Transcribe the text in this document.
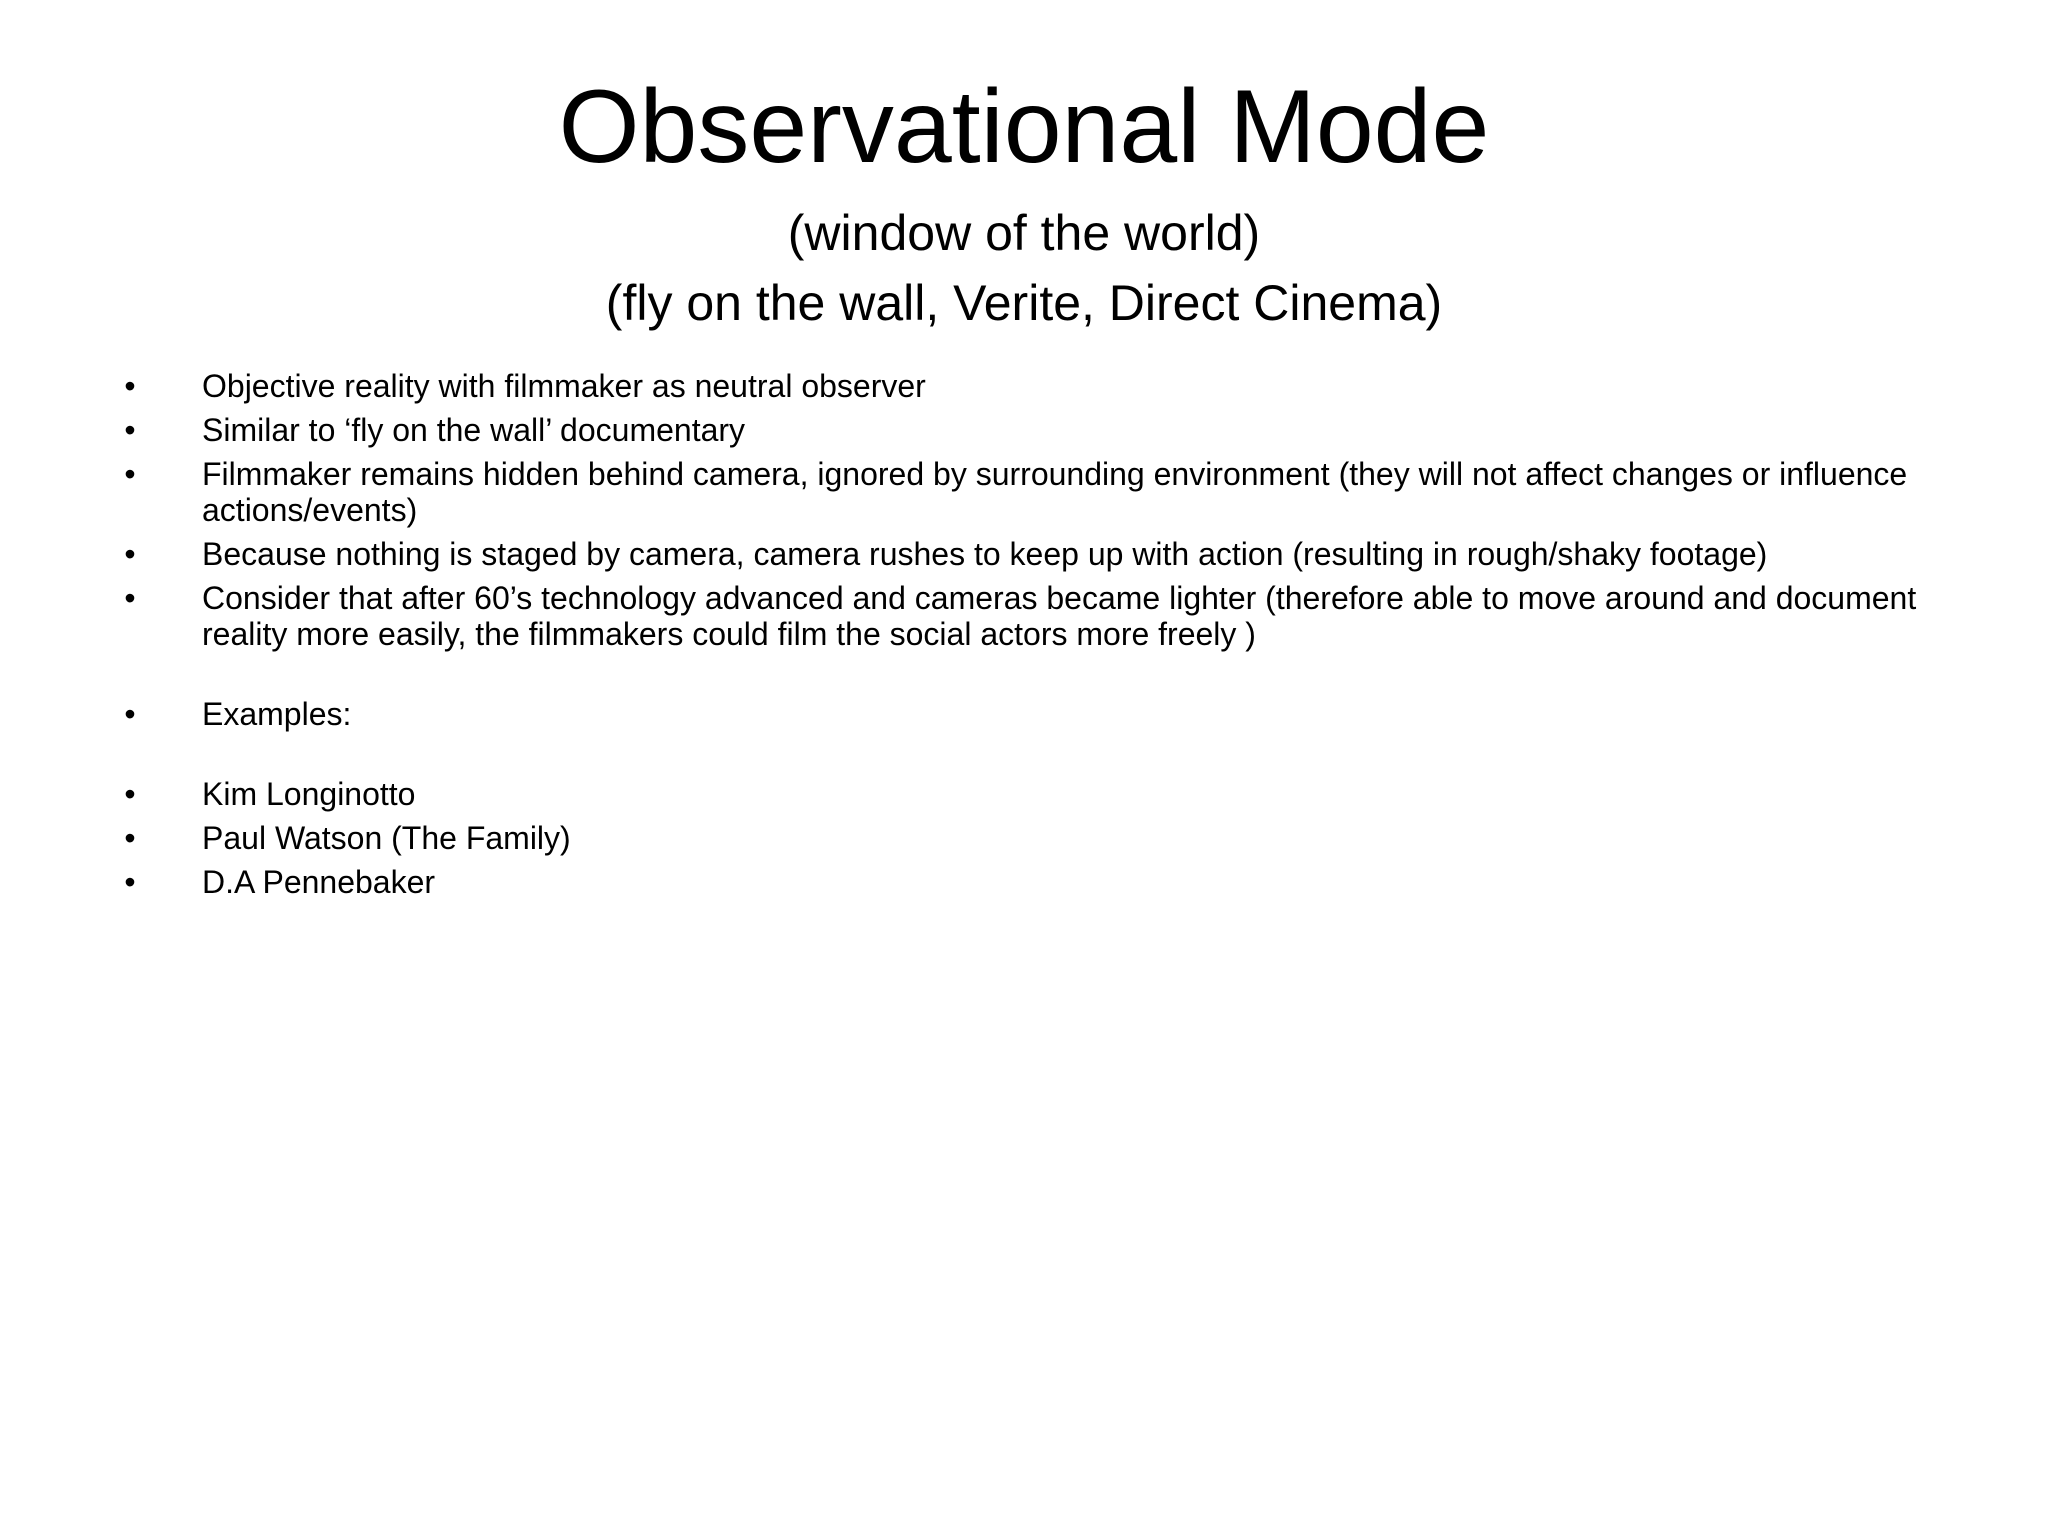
Observational Mode
(window of the world)
(fly on the wall, Verite, Direct Cinema)
• Objective reality with filmmaker as neutral observer
• Similar to ‘fly on the wall’ documentary
• Filmmaker remains hidden behind camera, ignored by surrounding environment (they will not affect changes or influence actions/events)
• Because nothing is staged by camera, camera rushes to keep up with action (resulting in rough/shaky footage)
• Consider that after 60’s technology advanced and cameras became lighter (therefore able to move around and document reality more easily, the filmmakers could film the social actors more freely )
• Examples:
• Kim Longinotto
• Paul Watson (The Family)
• D.A Pennebaker
